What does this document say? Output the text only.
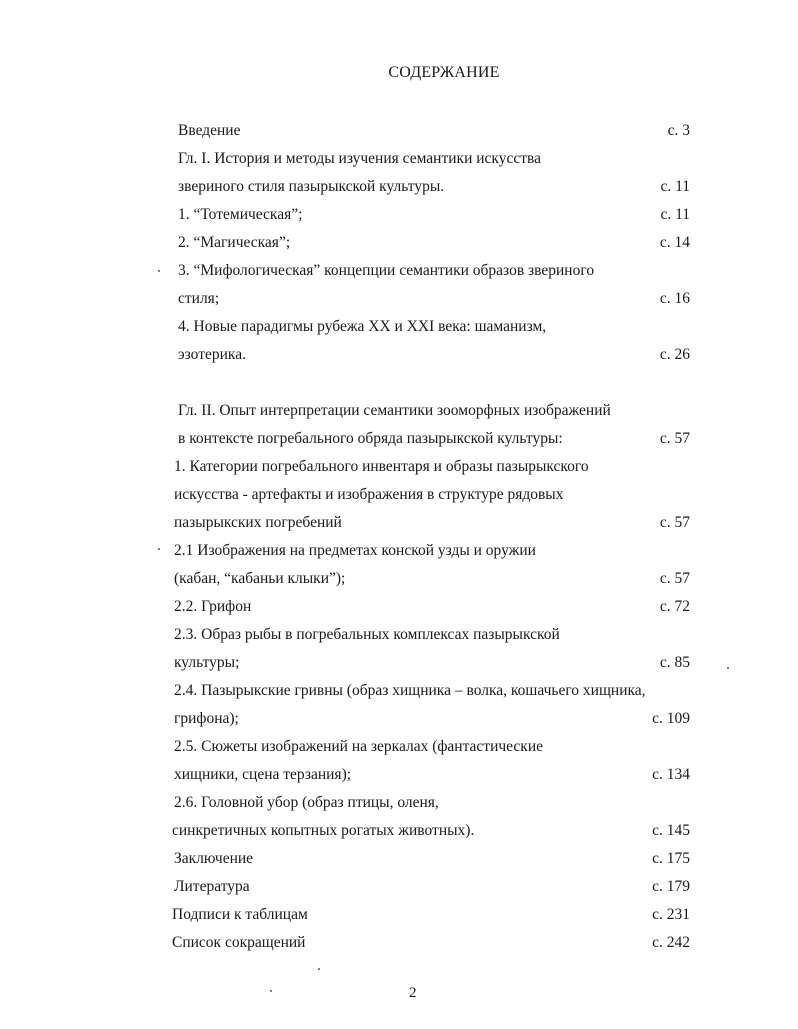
СОДЕРЖАНИЕ
Введение	с. 3
Гл. I. История и методы изучения семантики искусства
звериного стиля пазырыкской культуры.	с. 11
1. “Тотемическая”;	с. 11
2. “Магическая”;	с. 14
3. “Мифологическая” концепции семантики образов звериного
стиля;	с. 16
4. Новые парадигмы рубежа ХХ и XXI века: шаманизм,
эзотерика.	с. 26
Гл. II. Опыт интерпретации семантики зооморфных изображений
в контексте погребального обряда пазырыкской культуры:	с. 57
1. Категории погребального инвентаря и образы пазырыкского
искусства - артефакты и изображения в структуре рядовых
пазырыкских погребений	с. 57
2.1 Изображения на предметах конской узды и оружии
(кабан, “кабаньи клыки”);	с. 57
2.2. Грифон	с. 72
2.3. Образ рыбы в погребальных комплексах пазырыкской
культуры;	с. 85
2.4. Пазырыкские гривны (образ хищника – волка, кошачьего хищника,
грифона);	с. 109
2.5. Сюжеты изображений на зеркалах (фантастические
хищники, сцена терзания);	с. 134
2.6. Головной убор (образ птицы, оленя,
синкретичных копытных рогатых животных).	с. 145
Заключение	с. 175
Литература	с. 179
Подписи к таблицам	с. 231
Список сокращений	с. 242
2
